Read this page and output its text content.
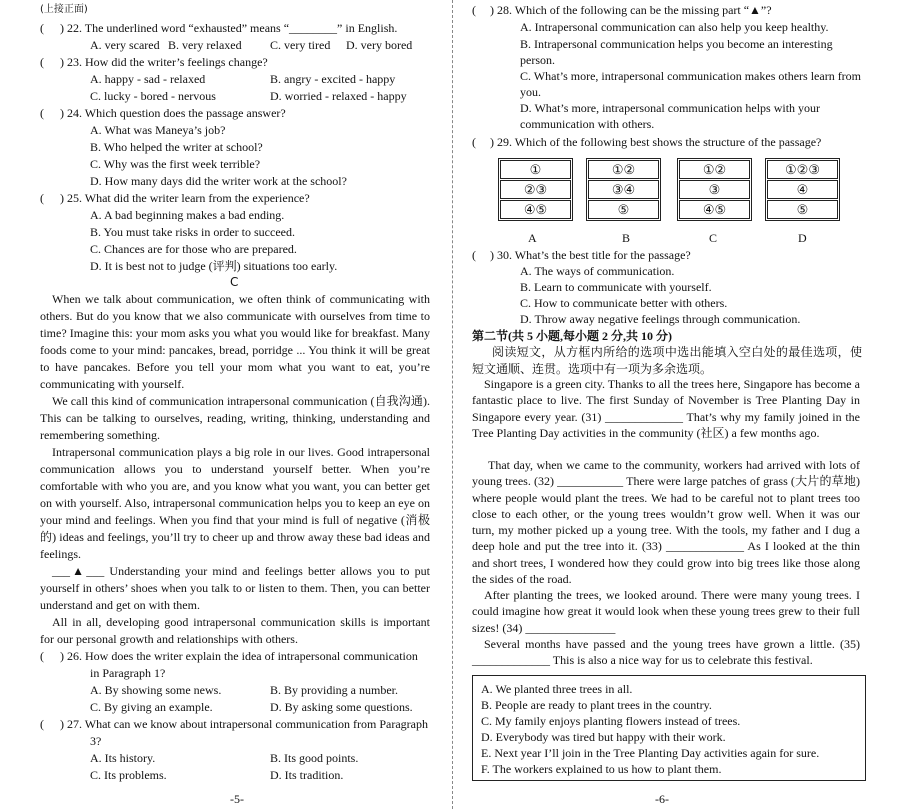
(上接正面)
( ) 22. The underlined word “exhausted” means “________” in English.
A. very scared B. very relaxed C. very tired D. very bored
( ) 23. How did the writer’s feelings change?
A. happy - sad - relaxed	B. angry - excited - happy
C. lucky - bored - nervous	D. worried - relaxed - happy
( ) 24. Which question does the passage answer?
A. What was Maneya’s job?
B. Who helped the writer at school?
C. Why was the first week terrible?
D. How many days did the writer work at the school?
( ) 25. What did the writer learn from the experience?
A. A bad beginning makes a bad ending.
B. You must take risks in order to succeed.
C. Chances are for those who are prepared.
D. It is best not to judge (评判) situations too early.
C
When we talk about communication, we often think of communicating with others. But do you know that we also communicate with ourselves from time to time? Imagine this: your mom asks you what you would like for breakfast. Many foods come to your mind: pancakes, bread, porridge ... You think it will be great to have pancakes. Before you tell your mom what you want to eat, you’re communicating with yourself.
We call this kind of communication intrapersonal communication (自我沟通). This can be talking to ourselves, reading, writing, thinking, understanding and remembering something.
Intrapersonal communication plays a big role in our lives. Good intrapersonal communication allows you to understand yourself better. When you’re comfortable with who you are, and you know what you want, you can better get on with yourself. Also, intrapersonal communication helps you to keep an eye on your mind and feelings. When you find that your mind is full of negative (消极的) ideas and feelings, you’ll try to cheer up and throw away these bad ideas and feelings.
___▲___ Understanding your mind and feelings better allows you to put yourself in others’ shoes when you talk to or listen to them. Then, you can better understand and get on with them.
All in all, developing good intrapersonal communication skills is important for our personal growth and relationships with others.
( ) 26. How does the writer explain the idea of intrapersonal communication
in Paragraph 1?
A. By showing some news.	B. By providing a number.
C. By giving an example.	D. By asking some questions.
( ) 27. What can we know about intrapersonal communication from Paragraph
3?
A. Its history.	B. Its good points.
C. Its problems.	D. Its tradition.
-5-
( ) 28. Which of the following can be the missing part “▲”?
A. Intrapersonal communication can also help you keep healthy.
B. Intrapersonal communication helps you become an interesting person.
C. What’s more, intrapersonal communication makes others learn from you.
D. What’s more, intrapersonal communication helps with your communication with others.
( ) 29. Which of the following best shows the structure of the passage?
①
②③
④⑤
A
①②
③④
⑤
B
①②
③
④⑤
C
①②③
④
⑤
D
( ) 30. What’s the best title for the passage?
A. The ways of communication.
B. Learn to communicate with yourself.
C. How to communicate better with others.
D. Throw away negative feelings through communication.
第二节(共 5 小题,每小题 2 分,共 10 分)
阅读短文，从方框内所给的选项中选出能填入空白处的最佳选项，使短文通顺、连贯。选项中有一项为多余选项。
Singapore is a green city. Thanks to all the trees here, Singapore has become a fantastic place to live. The first Sunday of November is Tree Planting Day in Singapore every year. (31) _____________ That’s why my family joined in the Tree Planting Day activities in the community (社区) a few months ago.
That day, when we came to the community, workers had arrived with lots of young trees. (32) ___________ There were large patches of grass (大片的草地) where people would plant the trees. We had to be careful not to plant trees too close to each other, or the young trees wouldn’t grow well. When it was our turn, my mother picked up a young tree. With the tools, my father and I dug a deep hole and put the tree into it. (33) _____________ As I looked at the thin and short trees, I wondered how they could grow into big trees like those along the sides of the road.
After planting the trees, we looked around. There were many young trees. I could imagine how great it would look when these young trees grew to their full sizes! (34) _______________
Several months have passed and the young trees have grown a little. (35) _____________ This is also a nice way for us to celebrate this festival.
A. We planted three trees in all.
B. People are ready to plant trees in the country.
C. My family enjoys planting flowers instead of trees.
D. Everybody was tired but happy with their work.
E. Next year I’ll join in the Tree Planting Day activities again for sure.
F. The workers explained to us how to plant them.
-6-
